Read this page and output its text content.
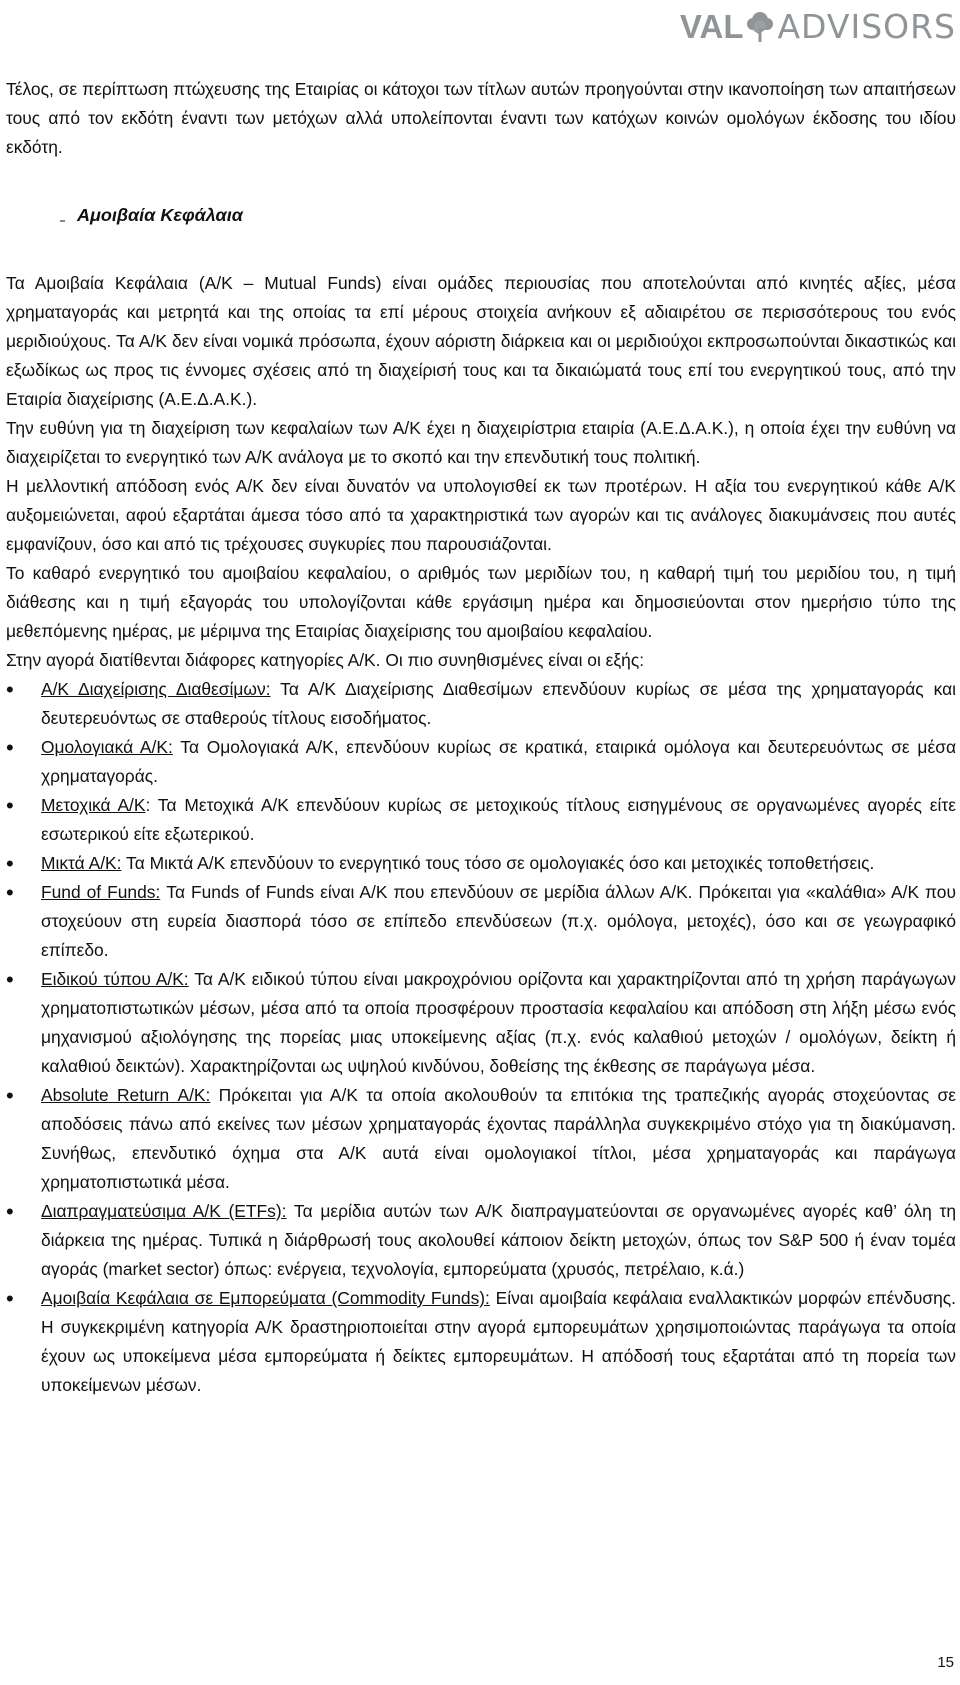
VAL ADVISORS

Τέλος, σε περίπτωση πτώχευσης της Εταιρίας οι κάτοχοι των τίτλων αυτών προηγούνται στην ικανοποίηση των απαιτήσεων τους από τον εκδότη έναντι των μετόχων αλλά υπολείπονται έναντι των κατόχων κοινών ομολόγων έκδοσης του ιδίου εκδότη.

Αμοιβαία Κεφάλαια

Τα Αμοιβαία Κεφάλαια (Α/Κ – Mutual Funds) είναι ομάδες περιουσίας που αποτελούνται από κινητές αξίες, μέσα χρηματαγοράς και μετρητά και της οποίας τα επί μέρους στοιχεία ανήκουν εξ αδιαιρέτου σε περισσότερους του ενός μεριδιούχους. Τα Α/Κ δεν είναι νομικά πρόσωπα, έχουν αόριστη διάρκεια και οι μεριδιούχοι εκπροσωπούνται δικαστικώς και εξωδίκως ως προς τις έννομες σχέσεις από τη διαχείρισή τους και τα δικαιώματά τους επί του ενεργητικού τους, από την Εταιρία διαχείρισης (Α.Ε.Δ.Α.Κ.).

Την ευθύνη για τη διαχείριση των κεφαλαίων των Α/Κ έχει η διαχειρίστρια εταιρία (Α.Ε.Δ.Α.Κ.), η οποία έχει την ευθύνη να διαχειρίζεται το ενεργητικό των Α/Κ ανάλογα με το σκοπό και την επενδυτική τους πολιτική.

Η μελλοντική απόδοση ενός Α/Κ δεν είναι δυνατόν να υπολογισθεί εκ των προτέρων. Η αξία του ενεργητικού κάθε Α/Κ αυξομειώνεται, αφού εξαρτάται άμεσα τόσο από τα χαρακτηριστικά των αγορών και τις ανάλογες διακυμάνσεις που αυτές εμφανίζουν, όσο και από τις τρέχουσες συγκυρίες που παρουσιάζονται.

Το καθαρό ενεργητικό του αμοιβαίου κεφαλαίου, ο αριθμός των μεριδίων του, η καθαρή τιμή του μεριδίου του, η τιμή διάθεσης και η τιμή εξαγοράς του υπολογίζονται κάθε εργάσιμη ημέρα και δημοσιεύονται στον ημερήσιο τύπο της μεθεπόμενης ημέρας, με μέριμνα της Εταιρίας διαχείρισης του αμοιβαίου κεφαλαίου.

Στην αγορά διατίθενται διάφορες κατηγορίες Α/Κ. Οι πιο συνηθισμένες είναι οι εξής:

•	Α/Κ Διαχείρισης Διαθεσίμων: Τα Α/Κ Διαχείρισης Διαθεσίμων επενδύουν κυρίως σε μέσα της χρηματαγοράς και δευτερευόντως σε σταθερούς τίτλους εισοδήματος.
•	Ομολογιακά Α/Κ: Τα Ομολογιακά Α/Κ, επενδύουν κυρίως σε κρατικά, εταιρικά ομόλογα και δευτερευόντως σε μέσα χρηματαγοράς.
•	Μετοχικά Α/Κ: Τα Μετοχικά Α/Κ επενδύουν κυρίως σε μετοχικούς τίτλους εισηγμένους σε οργανωμένες αγορές είτε εσωτερικού είτε εξωτερικού.
•	Μικτά Α/Κ: Τα Μικτά Α/Κ επενδύουν το ενεργητικό τους τόσο σε ομολογιακές όσο και μετοχικές τοποθετήσεις.
•	Fund of Funds: Τα Funds of Funds είναι Α/Κ που επενδύουν σε μερίδια άλλων Α/Κ. Πρόκειται για «καλάθια» Α/Κ που στοχεύουν στη ευρεία διασπορά τόσο σε επίπεδο επενδύσεων (π.χ. ομόλογα, μετοχές), όσο και σε γεωγραφικό επίπεδο.
•	Ειδικού τύπου Α/Κ: Τα Α/Κ ειδικού τύπου είναι μακροχρόνιου ορίζοντα και χαρακτηρίζονται από τη χρήση παράγωγων χρηματοπιστωτικών μέσων, μέσα από τα οποία προσφέρουν προστασία κεφαλαίου και απόδοση στη λήξη μέσω ενός μηχανισμού αξιολόγησης της πορείας μιας υποκείμενης αξίας (π.χ. ενός καλαθιού μετοχών / ομολόγων, δείκτη ή καλαθιού δεικτών). Χαρακτηρίζονται ως υψηλού κινδύνου, δοθείσης της έκθεσης σε παράγωγα μέσα.
•	Absolute Return Α/Κ: Πρόκειται για Α/Κ τα οποία ακολουθούν τα επιτόκια της τραπεζικής αγοράς στοχεύοντας σε αποδόσεις πάνω από εκείνες των μέσων χρηματαγοράς έχοντας παράλληλα συγκεκριμένο στόχο για τη διακύμανση. Συνήθως, επενδυτικό όχημα στα Α/Κ αυτά είναι ομολογιακοί τίτλοι, μέσα χρηματαγοράς και παράγωγα χρηματοπιστωτικά μέσα.
•	Διαπραγματεύσιμα Α/Κ (ETFs): Τα μερίδια αυτών των Α/Κ διαπραγματεύονται σε οργανωμένες αγορές καθ’ όλη τη διάρκεια της ημέρας. Τυπικά η διάρθρωσή τους ακολουθεί κάποιον δείκτη μετοχών, όπως τον S&P 500 ή έναν τομέα αγοράς (market sector) όπως: ενέργεια, τεχνολογία, εμπορεύματα (χρυσός, πετρέλαιο, κ.ά.)
•	Αμοιβαία Κεφάλαια σε Εμπορεύματα (Commodity Funds): Είναι αμοιβαία κεφάλαια εναλλακτικών μορφών επένδυσης. Η συγκεκριμένη κατηγορία Α/Κ δραστηριοποιείται στην αγορά εμπορευμάτων χρησιμοποιώντας παράγωγα τα οποία έχουν ως υποκείμενα μέσα εμπορεύματα ή δείκτες εμπορευμάτων. Η απόδοσή τους εξαρτάται από τη πορεία των υποκείμενων μέσων.
15
